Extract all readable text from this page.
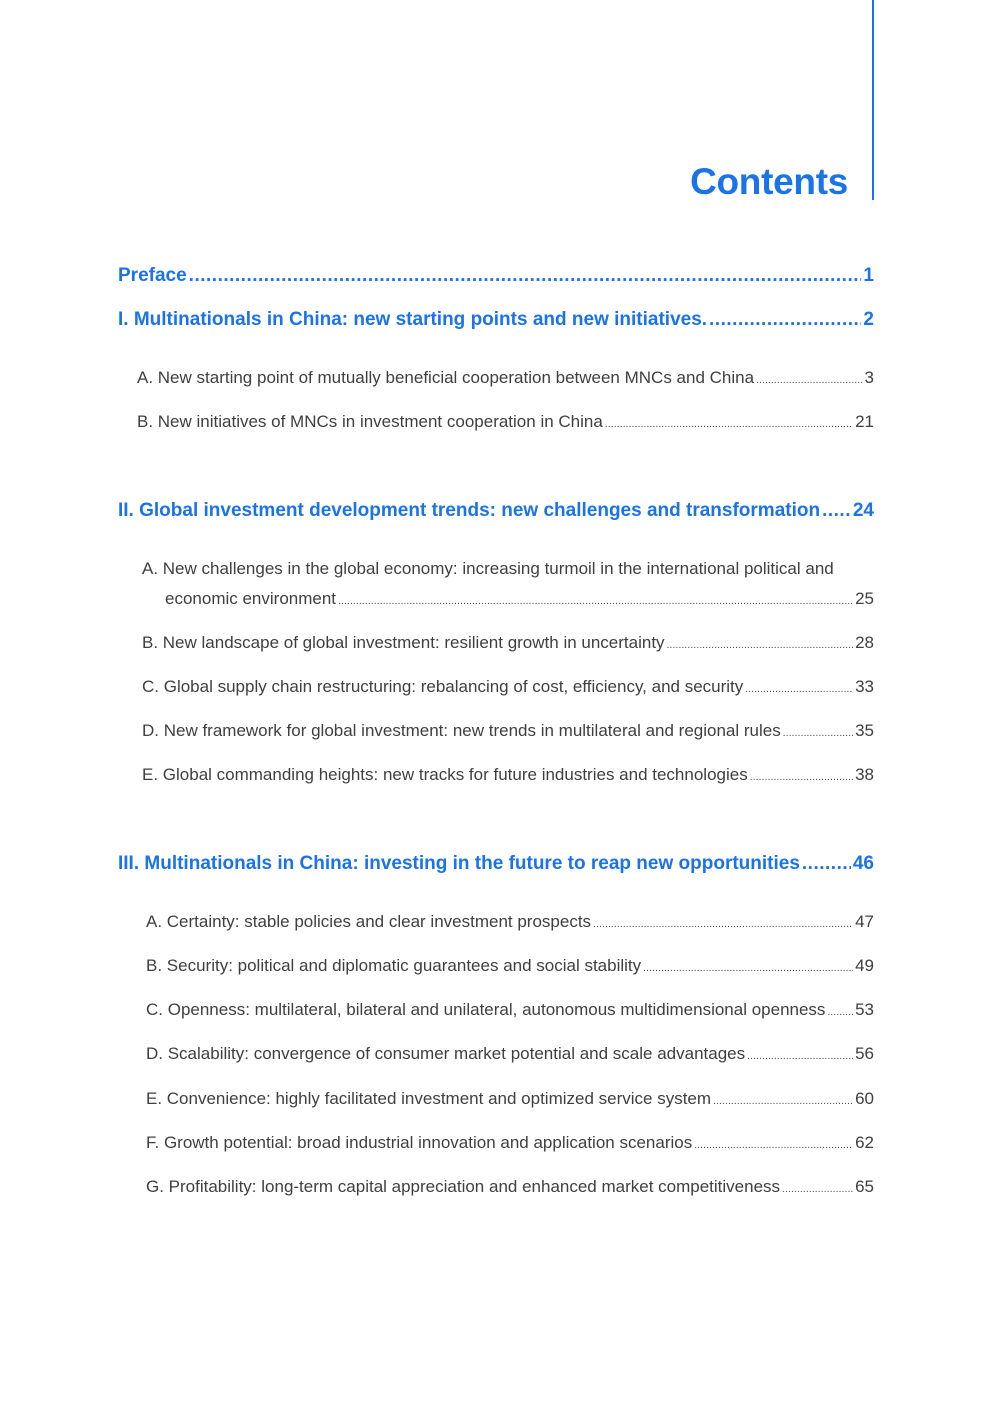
Contents
Preface .....	1
I. Multinationals in China: new starting points and new initiatives. .....	2
A. New starting point of mutually beneficial cooperation between MNCs and China .....	3
B. New initiatives of MNCs in investment cooperation in China .....	21
II. Global investment development trends: new challenges and transformation ..... 24
A. New challenges in the global economy: increasing turmoil in the international political and
economic environment .....	25
B. New landscape of global investment: resilient growth in uncertainty .....	28
C. Global supply chain restructuring: rebalancing of cost, efficiency, and security .....	33
D. New framework for global investment: new trends in multilateral and regional rules .....	35
E. Global commanding heights: new tracks for future industries and technologies .....	38
III. Multinationals in China: investing in the future to reap new opportunities .....	46
A. Certainty: stable policies and clear investment prospects .....	47
B. Security: political and diplomatic guarantees and social stability .....	49
C. Openness: multilateral, bilateral and unilateral, autonomous multidimensional openness ..... 53
D. Scalability: convergence of consumer market potential and scale advantages .....	56
E. Convenience: highly facilitated investment and optimized service system .....	60
F. Growth potential: broad industrial innovation and application scenarios .....	62
G. Profitability: long-term capital appreciation and enhanced market competitiveness .....	65
